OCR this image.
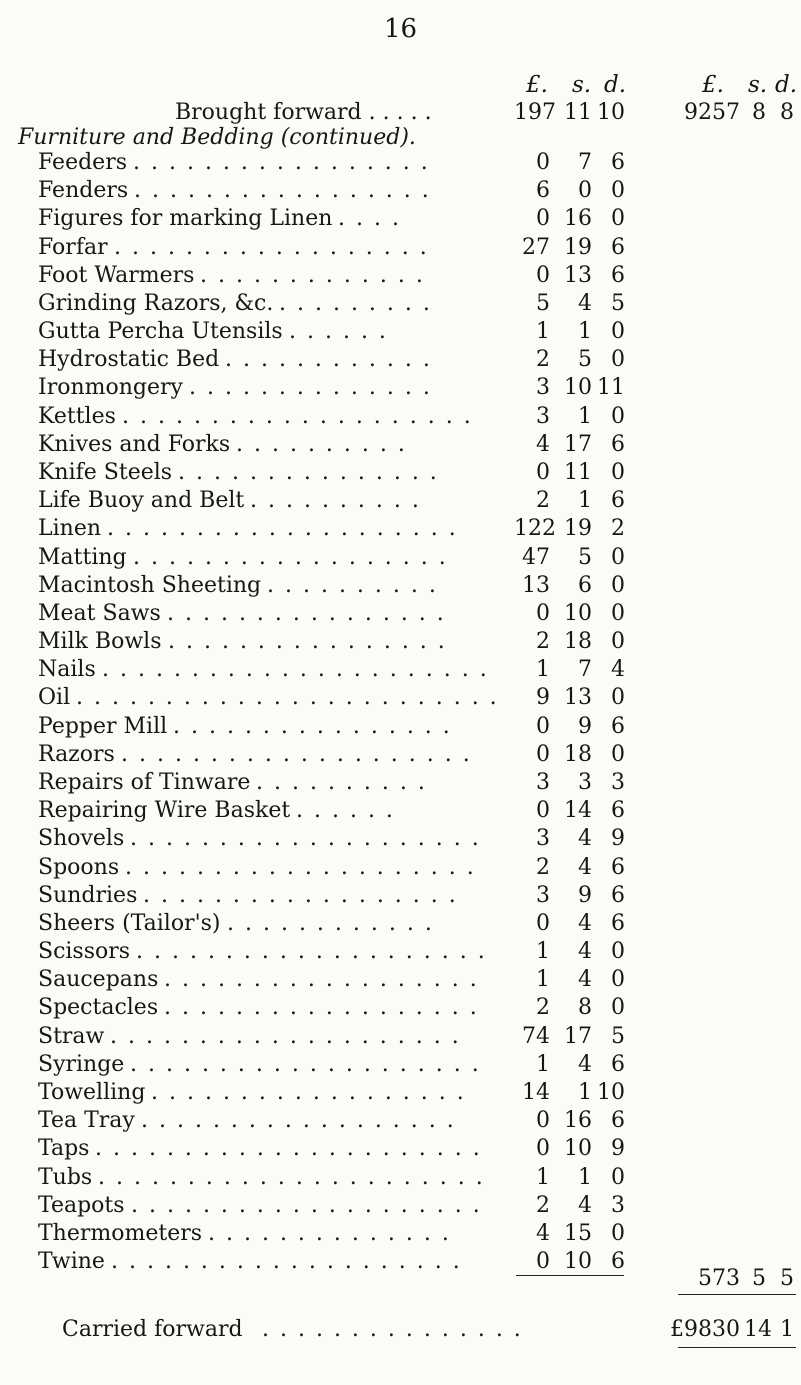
16
£. s. d.	£. s. d.
Brought forward . . . . .	197 11 10	9257 8 8
Furniture and Bedding (continued).
Feeders . . . . . . . . . . . . . . . . .	0	7 6
Fenders . . . . . . . . . . . . . . . . .	6	0 0
Figures for marking Linen . . . .	0 16 0
Forfar . . . . . . . . . . . . . . . . . .	27 19 6
Foot Warmers . . . . . . . . . . . . .	0 13 6
Grinding Razors, &c. . . . . . . . . .	5	4 5
Gutta Percha Utensils . . . . . .	1	1 0
Hydrostatic Bed . . . . . . . . . . . .	2	5 0
Ironmongery . . . . . . . . . . . . . .	3 10 11
Kettles . . . . . . . . . . . . . . . . . . . .	3	1 0
Knives and Forks . . . . . . . . . .	4 17 6
Knife Steels . . . . . . . . . . . . . . .	0 11 0
Life Buoy and Belt . . . . . . . . . .	2	1 6
Linen . . . . . . . . . . . . . . . . . . . .	122 19 2
Matting . . . . . . . . . . . . . . . . . .	47	5 0
Macintosh Sheeting . . . . . . . . . .	13	6 0
Meat Saws . . . . . . . . . . . . . . . .	0 10 0
Milk Bowls . . . . . . . . . . . . . . . .	2 18 0
Nails . . . . . . . . . . . . . . . . . . . . . .	1	7 4
Oil . . . . . . . . . . . . . . . . . . . . . . . .	9 13 0
Pepper Mill . . . . . . . . . . . . . . . .	0	9 6
Razors . . . . . . . . . . . . . . . . . . . .	0 18 0
Repairs of Tinware . . . . . . . . . .	3	3 3
Repairing Wire Basket . . . . . .	0 14 6
Shovels . . . . . . . . . . . . . . . . . . . .	3	4 9
Spoons . . . . . . . . . . . . . . . . . . . .	2	4 6
Sundries . . . . . . . . . . . . . . . . . .	3	9 6
Sheers (Tailor's) . . . . . . . . . . . .	0	4 6
Scissors . . . . . . . . . . . . . . . . . . . .	1	4 0
Saucepans . . . . . . . . . . . . . . . . . .	1	4 0
Spectacles . . . . . . . . . . . . . . . . . .	2	8 0
Straw . . . . . . . . . . . . . . . . . . . .	74 17 5
Syringe . . . . . . . . . . . . . . . . . . . .	1	4 6
Towelling . . . . . . . . . . . . . . . . . .	14	1 10
Tea Tray . . . . . . . . . . . . . . . . . .	0 16 6
Taps . . . . . . . . . . . . . . . . . . . . . .	0 10 9
Tubs . . . . . . . . . . . . . . . . . . . . . .	1	1 0
Teapots . . . . . . . . . . . . . . . . . . . .	2	4 3
Thermometers . . . . . . . . . . . . . .	4 15 0
Twine . . . . . . . . . . . . . . . . . . . .	0 10 6
573 5 5
Carried forward . . . . . . . . . . . . . . .	£9830 14 1
